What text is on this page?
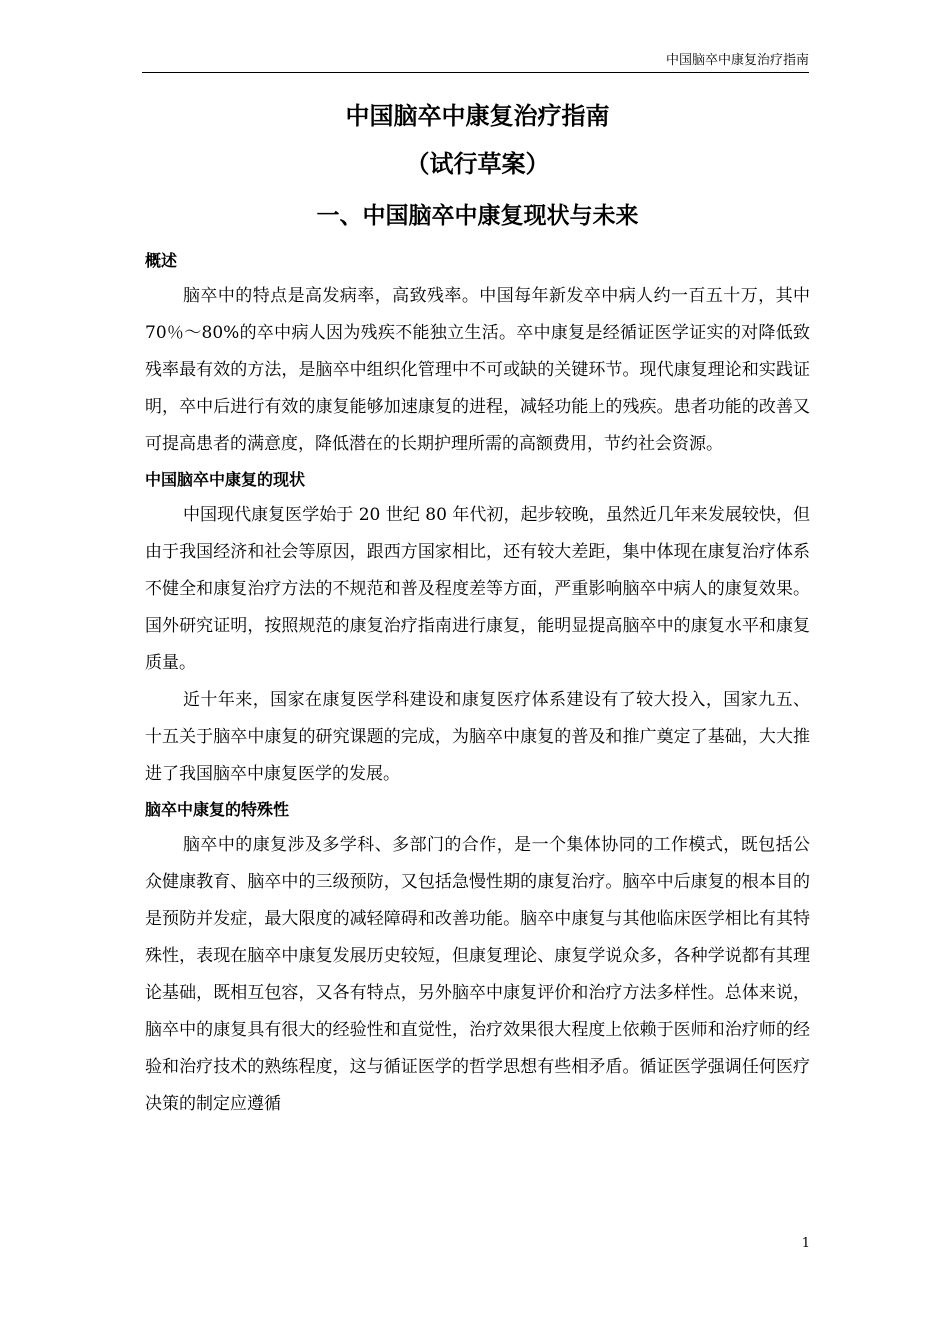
中国脑卒中康复治疗指南
中国脑卒中康复治疗指南
（试行草案）
一、中国脑卒中康复现状与未来
概述

脑卒中的特点是高发病率，高致残率。中国每年新发卒中病人约一百五十万，其中 70％～80%的卒中病人因为残疾不能独立生活。卒中康复是经循证医学证实的对降低致残率最有效的方法，是脑卒中组织化管理中不可或缺的关键环节。现代康复理论和实践证明，卒中后进行有效的康复能够加速康复的进程，减轻功能上的残疾。患者功能的改善又可提高患者的满意度，降低潜在的长期护理所需的高额费用，节约社会资源。

中国脑卒中康复的现状

中国现代康复医学始于 20 世纪 80 年代初，起步较晚，虽然近几年来发展较快，但由于我国经济和社会等原因，跟西方国家相比，还有较大差距，集中体现在康复治疗体系不健全和康复治疗方法的不规范和普及程度差等方面，严重影响脑卒中病人的康复效果。国外研究证明，按照规范的康复治疗指南进行康复，能明显提高脑卒中的康复水平和康复质量。

近十年来，国家在康复医学科建设和康复医疗体系建设有了较大投入，国家九五、十五关于脑卒中康复的研究课题的完成，为脑卒中康复的普及和推广奠定了基础，大大推进了我国脑卒中康复医学的发展。

脑卒中康复的特殊性

脑卒中的康复涉及多学科、多部门的合作，是一个集体协同的工作模式，既包括公众健康教育、脑卒中的三级预防，又包括急慢性期的康复治疗。脑卒中后康复的根本目的是预防并发症，最大限度的减轻障碍和改善功能。脑卒中康复与其他临床医学相比有其特殊性，表现在脑卒中康复发展历史较短，但康复理论、康复学说众多，各种学说都有其理论基础，既相互包容，又各有特点，另外脑卒中康复评价和治疗方法多样性。总体来说，脑卒中的康复具有很大的经验性和直觉性，治疗效果很大程度上依赖于医师和治疗师的经验和治疗技术的熟练程度，这与循证医学的哲学思想有些相矛盾。循证医学强调任何医疗决策的制定应遵循

1
